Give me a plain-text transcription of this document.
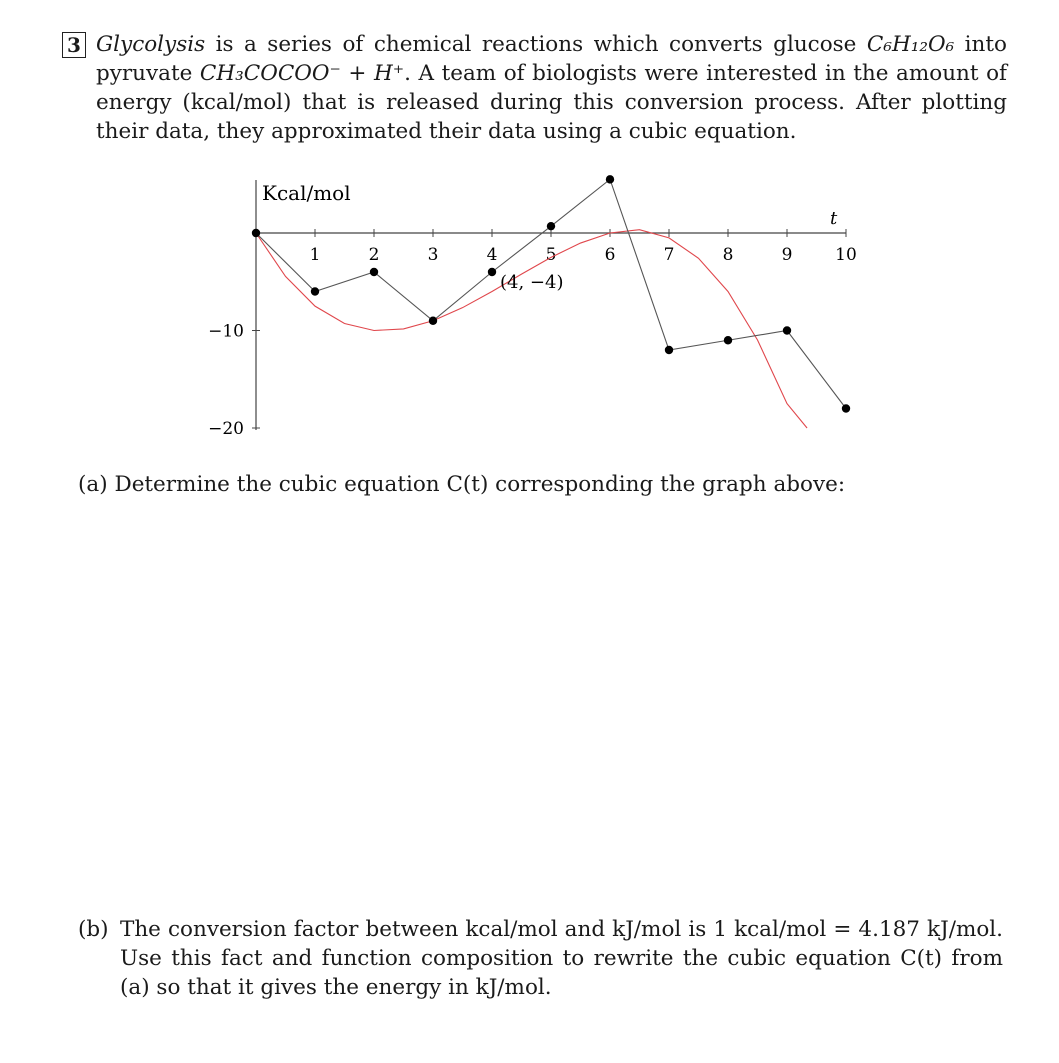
3 Glycolysis is a series of chemical reactions which converts glucose C₆H₁₂O₆ into pyruvate CH₃COCOO⁻ + H⁺. A team of biologists were interested in the amount of energy (kcal/mol) that is released during this conversion process. After plotting their data, they approximated their data using a cubic equation.
Kcal/mol
t
1	2	3	4	5	6	7	8	9	10
−10
−20
(4, −4)
(a) Determine the cubic equation C(t) corresponding the graph above:
(b) The conversion factor between kcal/mol and kJ/mol is 1 kcal/mol = 4.187 kJ/mol. Use this fact and function composition to rewrite the cubic equation C(t) from (a) so that it gives the energy in kJ/mol.
